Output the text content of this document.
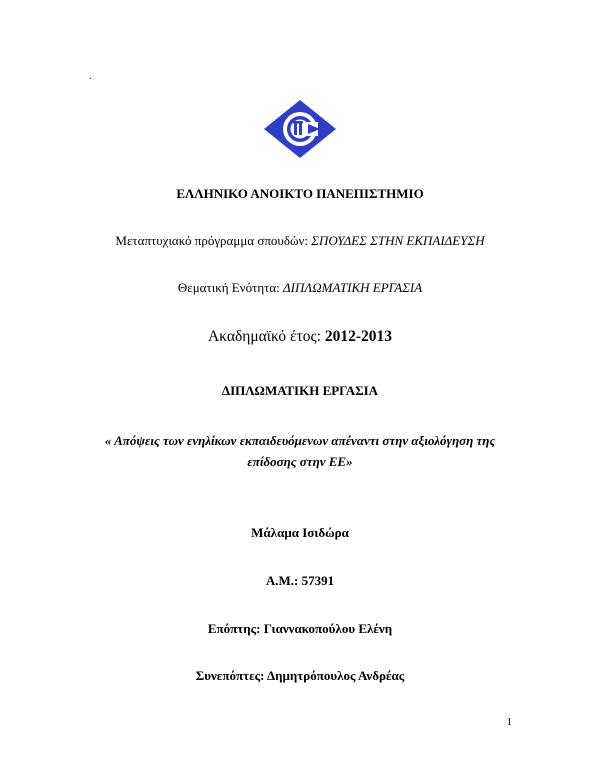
.
ΕΛΛΗΝΙΚΟ ΑΝΟΙΚΤΟ ΠΑΝΕΠΙΣΤΗΜΙΟ
Μεταπτυχιακό πρόγραμμα σπουδών: ΣΠΟΥΔΕΣ ΣΤΗΝ ΕΚΠΑΙΔΕΥΣΗ
Θεματική Ενότητα: ΔΙΠΛΩΜΑΤΙΚΗ ΕΡΓΑΣΙΑ
Ακαδημαϊκό έτος: 2012-2013
ΔΙΠΛΩΜΑΤΙΚΗ ΕΡΓΑΣΙΑ
« Απόψεις των ενηλίκων εκπαιδευόμενων απέναντι στην αξιολόγηση της
επίδοσης στην ΕΕ»
Μάλαμα Ισιδώρα
Α.Μ.: 57391
Επόπτης: Γιαννακοπούλου Ελένη
Συνεπόπτες: Δημητρόπουλος Ανδρέας
1
